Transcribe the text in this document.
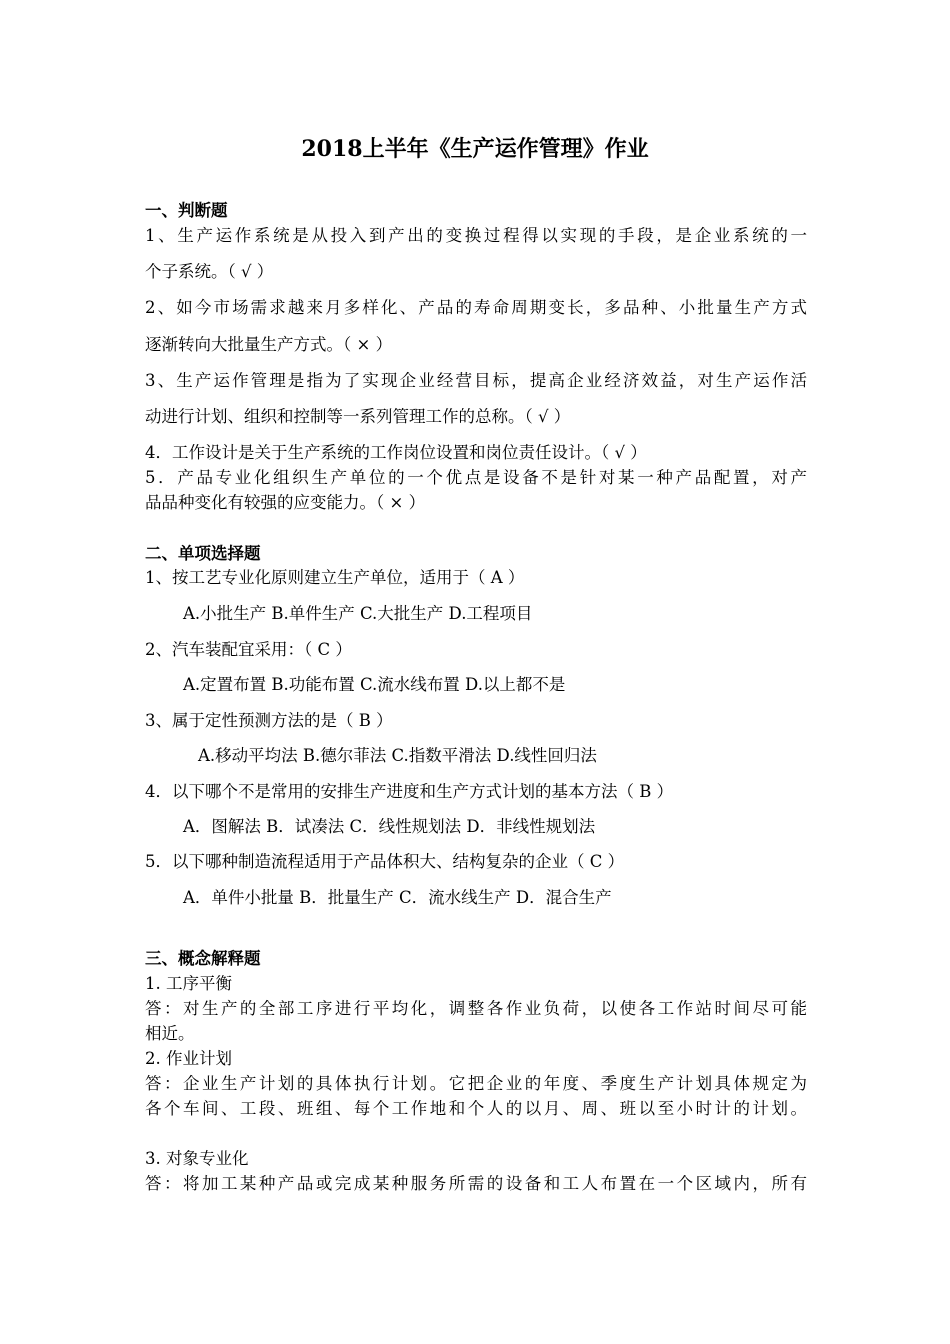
2018上半年《生产运作管理》作业
一、判断题
1、生产运作系统是从投入到产出的变换过程得以实现的手段，是企业系统的一
个子系统。（ √ ）
2、如今市场需求越来月多样化、产品的寿命周期变长，多品种、小批量生产方式
逐渐转向大批量生产方式。（ × ）
3、生产运作管理是指为了实现企业经营目标，提高企业经济效益，对生产运作活
动进行计划、组织和控制等一系列管理工作的总称。（ √ ）
4．工作设计是关于生产系统的工作岗位设置和岗位责任设计。（ √ ）
5．产品专业化组织生产单位的一个优点是设备不是针对某一种产品配置，对产
品品种变化有较强的应变能力。（ × ）
二、单项选择题
1、按工艺专业化原则建立生产单位，适用于（ A ）
A.小批生产 B.单件生产 C.大批生产 D.工程项目
2、汽车装配宜采用：（ C ）
A.定置布置 B.功能布置 C.流水线布置 D.以上都不是
3、属于定性预测方法的是（ B ）
A.移动平均法 B.德尔菲法 C.指数平滑法 D.线性回归法
4．以下哪个不是常用的安排生产进度和生产方式计划的基本方法（ B ）
A．图解法 B．试凑法 C．线性规划法 D．非线性规划法
5．以下哪种制造流程适用于产品体积大、结构复杂的企业（ C ）
A．单件小批量 B．批量生产 C．流水线生产 D．混合生产
三、概念解释题
1. 工序平衡
答：对生产的全部工序进行平均化，调整各作业负荷，以使各工作站时间尽可能
相近。
2. 作业计划
答：企业生产计划的具体执行计划。它把企业的年度、季度生产计划具体规定为
各个车间、工段、班组、每个工作地和个人的以月、周、班以至小时计的计划。
3. 对象专业化
答：将加工某种产品或完成某种服务所需的设备和工人布置在一个区域内，所有
